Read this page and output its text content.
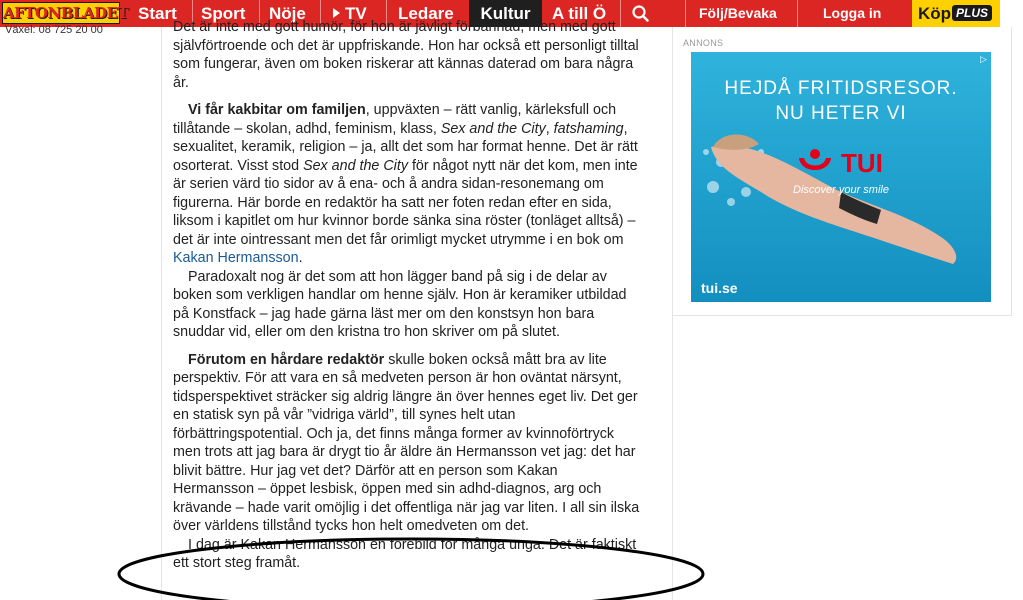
AFTONBLADET Start Sport Nöje	TV Ledare	Kultur	A till Ö	Följ/Bevaka	Logga in Köp PLUS
Växel: 08 725 20 00	Det är inte med gott humör, för hon är jävligt förbannad, men med gott
självförtroende och det är uppfriskande. Hon har också ett personligt tilltal
som fungerar, även om boken riskerar att kännas daterad om bara några
år.
Vi får kakbitar om familjen, uppväxten – rätt vanlig, kärleksfull och
tillåtande – skolan, adhd, feminism, klass, Sex and the City, fatshaming,
sexualitet, keramik, religion – ja, allt det som har format henne. Det är rätt
osorterat. Visst stod Sex and the City för något nytt när det kom, men inte
är serien värd tio sidor av å ena- och å andra sidan-resonemang om
figurerna. Här borde en redaktör ha satt ner foten redan efter en sida,
liksom i kapitlet om hur kvinnor borde sänka sina röster (tonläget alltså) –
det är inte ointressant men det får orimligt mycket utrymme i en bok om
Kakan Hermansson.
Paradoxalt nog är det som att hon lägger band på sig i de delar av
boken som verkligen handlar om henne själv. Hon är keramiker utbildad
på Konstfack – jag hade gärna läst mer om den konstsyn hon bara
snuddar vid, eller om den kristna tro hon skriver om på slutet.
Förutom en hårdare redaktör skulle boken också mått bra av lite
perspektiv. För att vara en så medveten person är hon oväntat närsynt,
tidsperspektivet sträcker sig aldrig längre än över hennes eget liv. Det ger
en statisk syn på vår ”vidriga värld”, till synes helt utan
förbättringspotential. Och ja, det finns många former av kvinnoförtryck
men trots att jag bara är drygt tio år äldre än Hermansson vet jag: det har
blivit bättre. Hur jag vet det? Därför att en person som Kakan
Hermansson – öppet lesbisk, öppen med sin adhd-diagnos, arg och
krävande – hade varit omöjlig i det offentliga när jag var liten. I all sin ilska
över världens tillstånd tycks hon helt omedveten om det.
I dag är Kakan Hermansson en förebild för många unga. Det är faktiskt
ett stort steg framåt.
ANNONS
HEJDÅ FRITIDSRESOR.
NU HETER VI
TUI
Discover your smile
tui.se
▷
